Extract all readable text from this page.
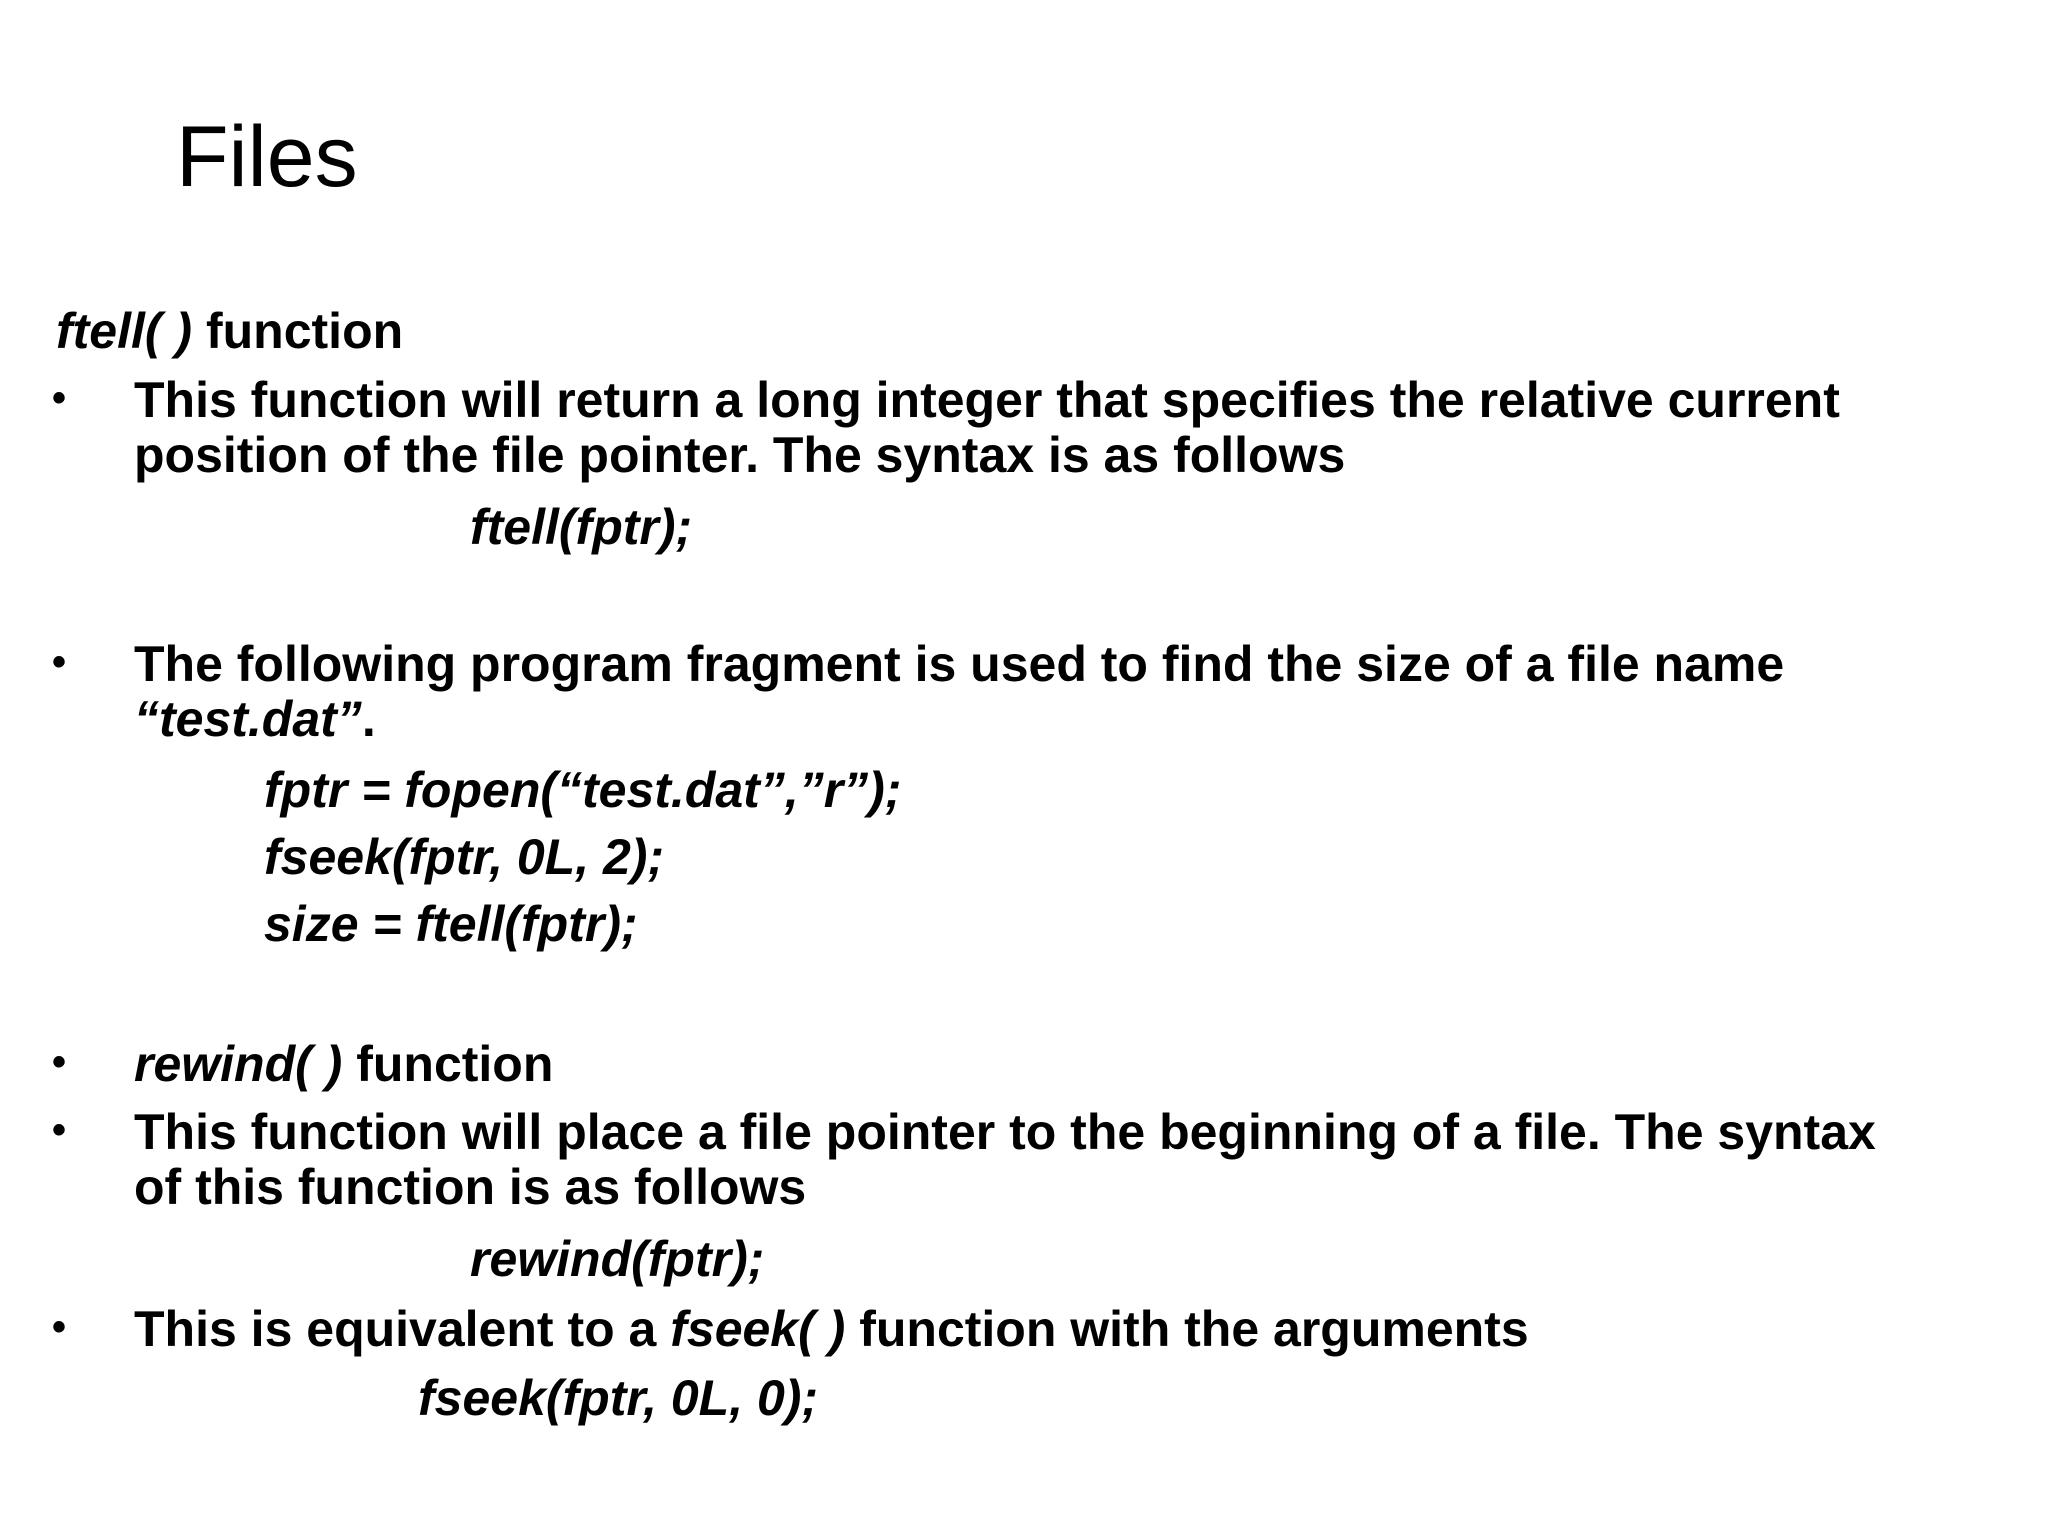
Files
ftell( ) function
• This function will return a long integer that specifies the relative current
position of the file pointer. The syntax is as follows
ftell(fptr);
• The following program fragment is used to find the size of a file name
“test.dat”.
fptr = fopen(“test.dat”,”r”);
fseek(fptr, 0L, 2);
size = ftell(fptr);
• rewind( ) function
• This function will place a file pointer to the beginning of a file. The syntax
of this function is as follows
rewind(fptr);
• This is equivalent to a fseek( ) function with the arguments
fseek(fptr, 0L, 0);
